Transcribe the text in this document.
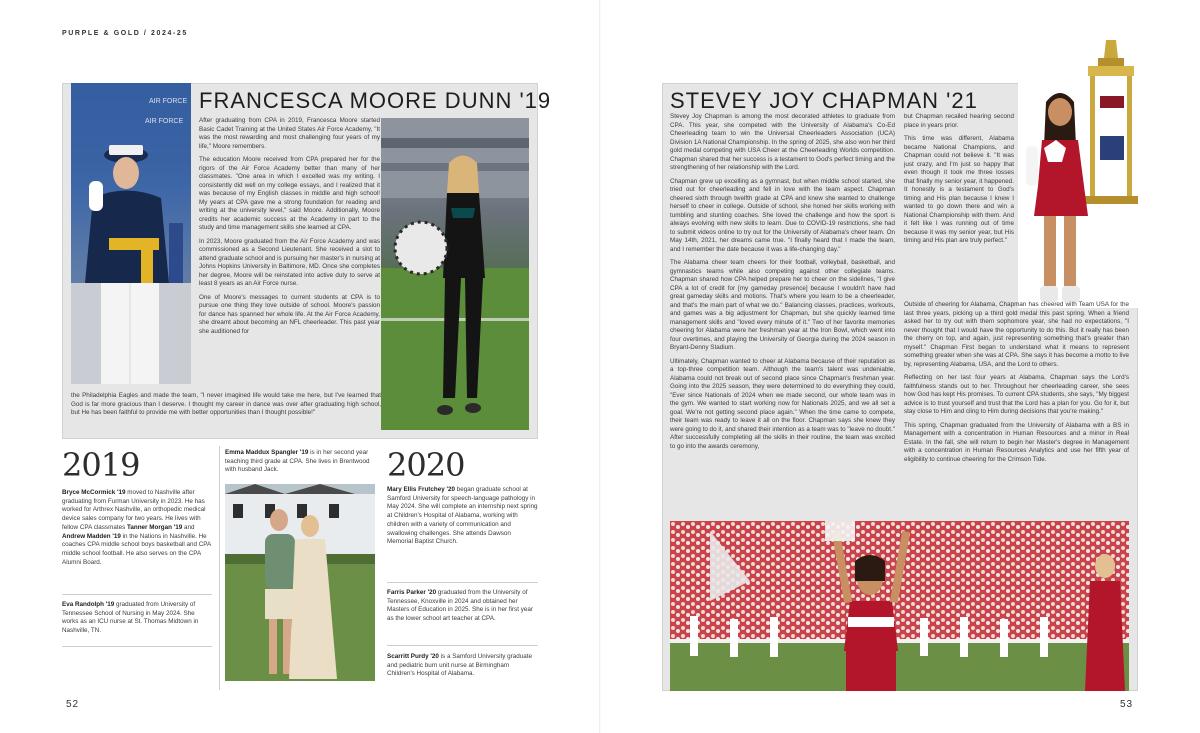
PURPLE & GOLD / 2024-25
AIR FORCE
AIR FORCE
FRANCESCA MOORE DUNN '19

After graduating from CPA in 2019, Francesca Moore started Basic Cadet Training at the United States Air Force Academy, "It was the most rewarding and most challenging four years of my life," Moore remembers.

The education Moore received from CPA prepared her for the rigors of the Air Force Academy better than many of her classmates. "One area in which I excelled was my writing. I consistently did well on my college essays, and I realized that it was because of my English classes in middle and high school! My years at CPA gave me a strong foundation for reading and writing at the university level," said Moore. Additionally, Moore credits her academic success at the Academy in part to the study and time management skills she learned at CPA.

In 2023, Moore graduated from the Air Force Academy and was commissioned as a Second Lieutenant. She received a slot to attend graduate school and is pursuing her master's in nursing at Johns Hopkins University in Baltimore, MD. Once she completes her degree, Moore will be reinstated into active duty to serve at least 8 years as an Air Force nurse.

One of Moore's messages to current students at CPA is to pursue one thing they love outside of school. Moore's passion for dance has spanned her whole life. At the Air Force Academy, she dreamt about becoming an NFL cheerleader. This past year she auditioned for

the Philadelphia Eagles and made the team, "I never imagined life would take me here, but I've learned that God is far more gracious than I deserve. I thought my career in dance was over after graduating high school, but He has been faithful to provide me with better opportunities than I thought possible!"
2019
Bryce McCormick '19 moved to Nashville after graduating from Furman University in 2023. He has worked for Arthrex Nashville, an orthopedic medical device sales company for two years. He lives with fellow CPA classmates Tanner Morgan '19 and Andrew Madden '19 in the Nations in Nashville. He coaches CPA middle school boys basketball and CPA middle school football. He also serves on the CPA Alumni Board.
Eva Randolph '19 graduated from University of Tennessee School of Nursing in May 2024. She works as an ICU nurse at St. Thomas Midtown in Nashville, TN.
Emma Maddux Spangler '19 is in her second year teaching third grade at CPA. She lives in Brentwood with husband Jack.	2020
Mary Ellis Frutchey '20 began graduate school at Samford University for speech-language pathology in May 2024. She will complete an internship next spring at Children's Hospital of Alabama, working with children with a variety of communication and swallowing challenges. She attends Dawson Memorial Baptist Church.
Farris Parker '20 graduated from the University of Tennessee, Knoxville in 2024 and obtained her Masters of Education in 2025. She is in her first year as the lower school art teacher at CPA.
Scarritt Purdy '20 is a Samford University graduate and pediatric burn unit nurse at Birmingham Children's Hospital of Alabama.
52
STEVEY JOY CHAPMAN '21

Stevey Joy Chapman is among the most decorated athletes to graduate from CPA. This year, she competed with the University of Alabama's Co-Ed Cheerleading team to win the Universal Cheerleaders Association (UCA) Division 1A National Championship. In the spring of 2025, she also won her third gold medal competing with USA Cheer at the Cheerleading Worlds competition. Chapman shared that her success is a testament to God's perfect timing and the strengthening of her relationship with the Lord.

Chapman grew up excelling as a gymnast, but when middle school started, she tried out for cheerleading and fell in love with the team aspect. Chapman cheered sixth through twelfth grade at CPA and knew she wanted to challenge herself to cheer in college. Outside of school, she honed her skills working with tumbling and stunting coaches. She loved the challenge and how the sport is always evolving with new skills to learn. Due to COVID-19 restrictions, she had to submit videos online to try out for the University of Alabama's cheer team. On May 14th, 2021, her dreams came true. "I finally heard that I made the team, and I remember the date because it was a life-changing day."

The Alabama cheer team cheers for their football, volleyball, basketball, and gymnastics teams while also competing against other collegiate teams. Chapman shared how CPA helped prepare her to cheer on the sidelines, "I give CPA a lot of credit for [my gameday presence] because I wouldn't have had great gameday skills and motions. That's where you learn to be a cheerleader, and that's the main part of what we do." Balancing classes, practices, workouts, and games was a big adjustment for Chapman, but she quickly learned time management skills and "loved every minute of it." Two of her favorite memories cheering for Alabama were her freshman year at the Iron Bowl, which went into four overtimes, and playing the University of Georgia during the 2024 season in Bryant-Denny Stadium.

Ultimately, Chapman wanted to cheer at Alabama because of their reputation as a top-three competition team. Although the team's talent was undeniable, Alabama could not break out of second place since Chapman's freshman year. Going into the 2025 season, they were determined to do everything they could, "Ever since Nationals of 2024 when we made second, our whole team was in the gym. We wanted to start working now for Nationals 2025, and we all set a goal. We're not getting second place again." When the time came to compete, their team was ready to leave it all on the floor. Chapman says she knew they were going to do it, and shared their intention as a team was to "leave no doubt." After successfully completing all the skills in their routine, the team was excited to go into the awards ceremony,

but Chapman recalled hearing second place in years prior.

This time was different, Alabama became National Champions, and Chapman could not believe it. "It was just crazy, and I'm just so happy that even though it took me three losses that finally my senior year, it happened. It honestly is a testament to God's timing and His plan because I knew I wanted to go down there and win a National Championship with them. And it felt like I was running out of time because it was my senior year, but His timing and His plan are truly perfect."

Outside of cheering for Alabama, Chapman has cheered with Team USA for the last three years, picking up a third gold medal this past spring. When a friend asked her to try out with them sophomore year, she had no expectations, "I never thought that I would have the opportunity to do this. But it really has been the cherry on top, and again, just representing something that's greater than myself." Chapman First began to understand what it means to represent something greater when she was at CPA. She says it has become a motto to live by, representing Alabama, USA, and the Lord to others.

Reflecting on her last four years at Alabama, Chapman says the Lord's faithfulness stands out to her. Throughout her cheerleading career, she sees how God has kept His promises. To current CPA students, she says, "My biggest advice is to trust yourself and trust that the Lord has a plan for you. Go for it, but stay close to Him and cling to Him during decisions that you're making."

This spring, Chapman graduated from the University of Alabama with a BS in Management with a concentration in Human Resources and a minor in Real Estate. In the fall, she will return to begin her Master's degree in Management with a concentration in Human Resources Analytics and use her fifth year of eligibility to continue cheering for the Crimson Tide.

53
